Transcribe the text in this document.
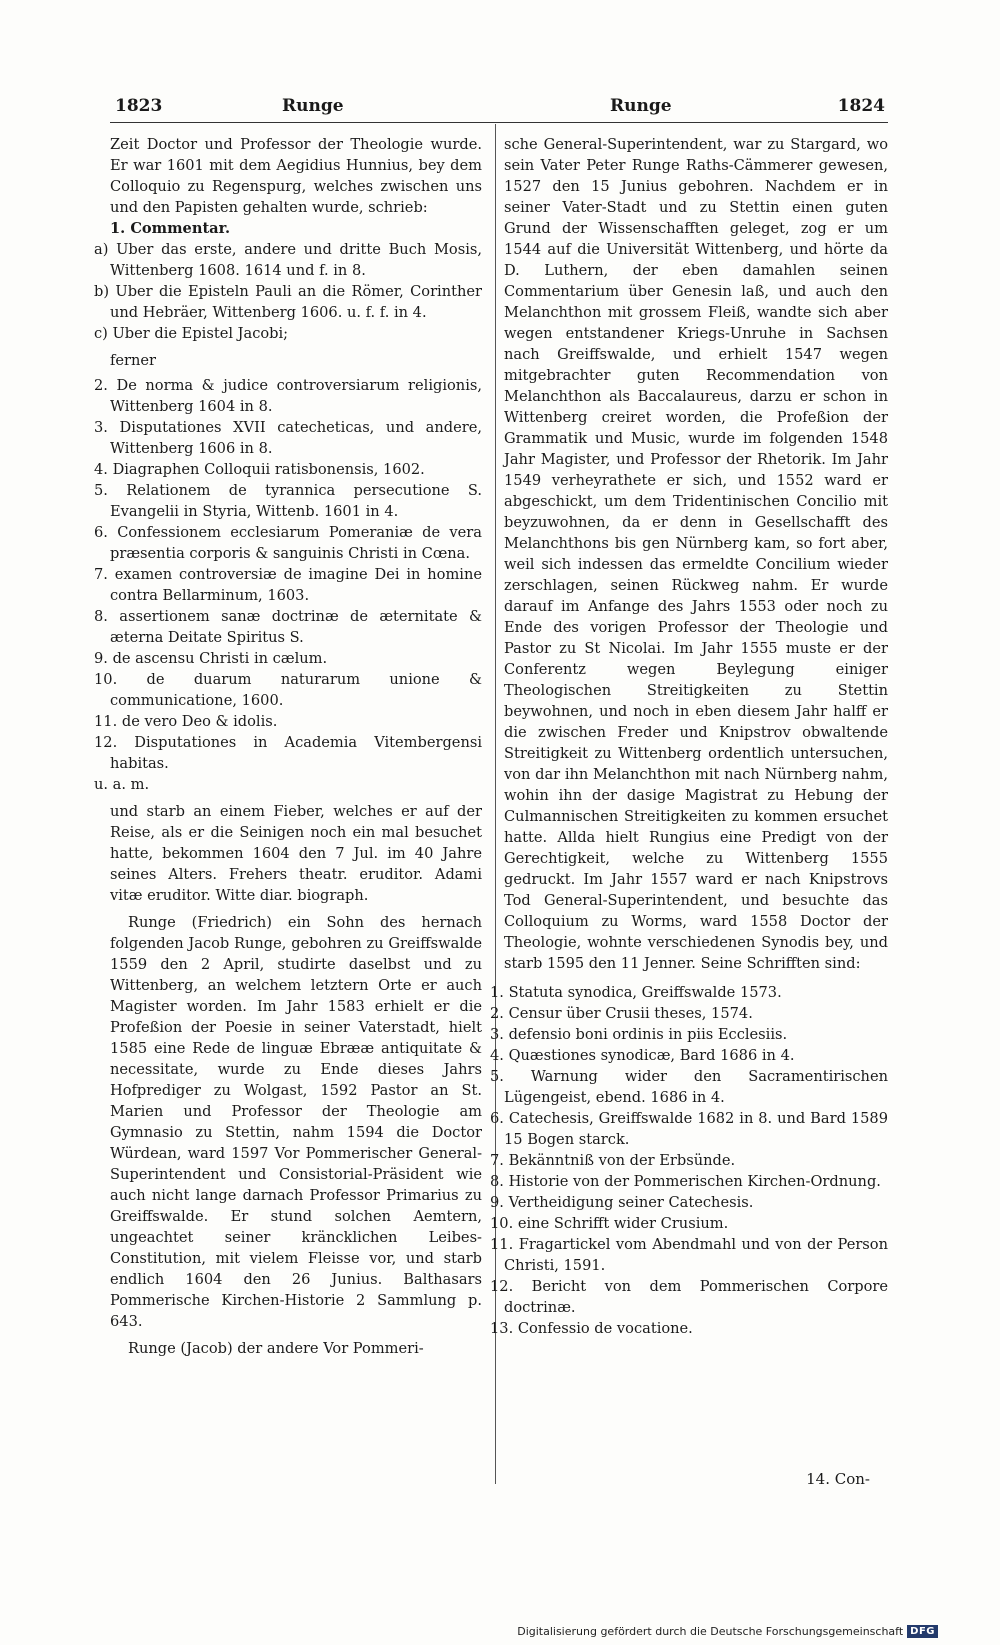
1823	Runge	Runge	1824

Zeit Doctor und Professor der Theologie wurde. Er war 1601 mit dem Aegidius Hunnius, bey dem Colloquio zu Regenspurg, welches zwischen uns und den Papisten gehalten wurde, schrieb:

1. Commentar.

a) Uber das erste, andere und dritte Buch Mosis, Wittenberg 1608. 1614 und f. in 8.

b) Uber die Episteln Pauli an die Römer, Corinther und Hebräer, Wittenberg 1606. u. f. f. in 4.

c) Uber die Epistel Jacobi;

ferner

2. De norma & judice controversiarum religionis, Wittenberg 1604 in 8.

3. Disputationes XVII catecheticas, und andere, Wittenberg 1606 in 8.

4. Diagraphen Colloquii ratisbonensis, 1602.

5. Relationem de tyrannica persecutione S. Evangelii in Styria, Wittenb. 1601 in 4.

6. Confessionem ecclesiarum Pomeraniæ de vera præsentia corporis & sanguinis Christi in Cœna.

7. examen controversiæ de imagine Dei in homine contra Bellarminum, 1603.

8. assertionem sanæ doctrinæ de æternitate & æterna Deitate Spiritus S.

9. de ascensu Christi in cælum.

10. de duarum naturarum unione & communicatione, 1600.

11. de vero Deo & idolis.

12. Disputationes in Academia Vitembergensi habitas.

u. a. m.

und starb an einem Fieber, welches er auf der Reise, als er die Seinigen noch ein mal besuchet hatte, bekommen 1604 den 7 Jul. im 40 Jahre seines Alters. Frehers theatr. eruditor. Adami vitæ eruditor. Witte diar. biograph.

Runge (Friedrich) ein Sohn des hernach folgenden Jacob Runge, gebohren zu Greiffswalde 1559 den 2 April, studirte daselbst und zu Wittenberg, an welchem letztern Orte er auch Magister worden. Im Jahr 1583 erhielt er die Profeßion der Poesie in seiner Vaterstadt, hielt 1585 eine Rede de linguæ Ebrææ antiquitate & necessitate, wurde zu Ende dieses Jahrs Hofprediger zu Wolgast, 1592 Pastor an St. Marien und Professor der Theologie am Gymnasio zu Stettin, nahm 1594 die Doctor Würdean, ward 1597 Vor Pommerischer General-Superintendent und Consistorial-Präsident wie auch nicht lange darnach Professor Primarius zu Greiffswalde. Er stund solchen Aemtern, ungeachtet seiner kräncklichen Leibes-Constitution, mit vielem Fleisse vor, und starb endlich 1604 den 26 Junius. Balthasars Pommerische Kirchen-Historie 2 Sammlung p. 643.

Runge (Jacob) der andere Vor Pommeri-

sche General-Superintendent, war zu Stargard, wo sein Vater Peter Runge Raths-Cämmerer gewesen, 1527 den 15 Junius gebohren. Nachdem er in seiner Vater-Stadt und zu Stettin einen guten Grund der Wissenschafften geleget, zog er um 1544 auf die Universität Wittenberg, und hörte da D. Luthern, der eben damahlen seinen Commentarium über Genesin laß, und auch den Melanchthon mit grossem Fleiß, wandte sich aber wegen entstandener Kriegs-Unruhe in Sachsen nach Greiffswalde, und erhielt 1547 wegen mitgebrachter guten Recommendation von Melanchthon als Baccalaureus, darzu er schon in Wittenberg creiret worden, die Profeßion der Grammatik und Music, wurde im folgenden 1548 Jahr Magister, und Professor der Rhetorik. Im Jahr 1549 verheyrathete er sich, und 1552 ward er abgeschickt, um dem Tridentinischen Concilio mit beyzuwohnen, da er denn in Gesellschafft des Melanchthons bis gen Nürnberg kam, so fort aber, weil sich indessen das ermeldte Concilium wieder zerschlagen, seinen Rückweg nahm. Er wurde darauf im Anfange des Jahrs 1553 oder noch zu Ende des vorigen Professor der Theologie und Pastor zu St Nicolai. Im Jahr 1555 muste er der Conferentz wegen Beylegung einiger Theologischen Streitigkeiten zu Stettin beywohnen, und noch in eben diesem Jahr halff er die zwischen Freder und Knipstrov obwaltende Streitigkeit zu Wittenberg ordentlich untersuchen, von dar ihn Melanchthon mit nach Nürnberg nahm, wohin ihn der dasige Magistrat zu Hebung der Culmannischen Streitigkeiten zu kommen ersuchet hatte. Allda hielt Rungius eine Predigt von der Gerechtigkeit, welche zu Wittenberg 1555 gedruckt. Im Jahr 1557 ward er nach Knipstrovs Tod General-Superintendent, und besuchte das Colloquium zu Worms, ward 1558 Doctor der Theologie, wohnte verschiedenen Synodis bey, und starb 1595 den 11 Jenner. Seine Schrifften sind:

1. Statuta synodica, Greiffswalde 1573.

2. Censur über Crusii theses, 1574.

3. defensio boni ordinis in piis Ecclesiis.

4. Quæstiones synodicæ, Bard 1686 in 4.

5. Warnung wider den Sacramentirischen Lügengeist, ebend. 1686 in 4.

6. Catechesis, Greiffswalde 1682 in 8. und Bard 1589 15 Bogen starck.

7. Bekänntniß von der Erbsünde.

8. Historie von der Pommerischen Kirchen-Ordnung.

9. Vertheidigung seiner Catechesis.

10. eine Schrifft wider Crusium.

11. Fragartickel vom Abendmahl und von der Person Christi, 1591.

12. Bericht von dem Pommerischen Corpore doctrinæ.

13. Confessio de vocatione.

14. Con-
Digitalisierung gefördert durch die Deutsche Forschungsgemeinschaft DFG
